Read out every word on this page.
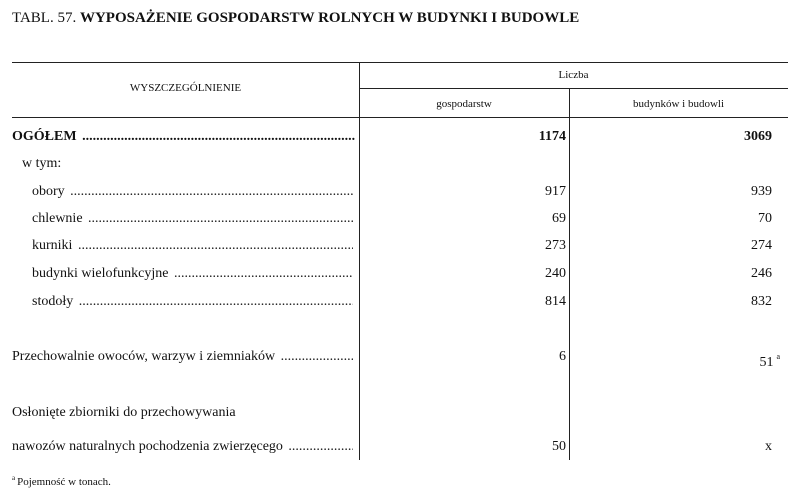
TABL. 57. WYPOSAŻENIE GOSPODARSTW ROLNYCH W BUDYNKI I BUDOWLE
WYSZCZEGÓLNIENIE
Liczba
gospodarstw	budynków i budowli
OGÓŁEM .....	1174	3069
w tym:
obory .....	917	939
chlewnie .....	69	70
kurniki .....	273	274
budynki wielofunkcyjne .....	240	246
stodoły .....	814	832
Przechowalnie owoców, warzyw i ziemniaków .....	6	51 $^a$
Osłonięte zbiorniki do przechowywania
nawozów naturalnych pochodzenia zwierzęcego .....	50	x
$^a$ Pojemność w tonach.
